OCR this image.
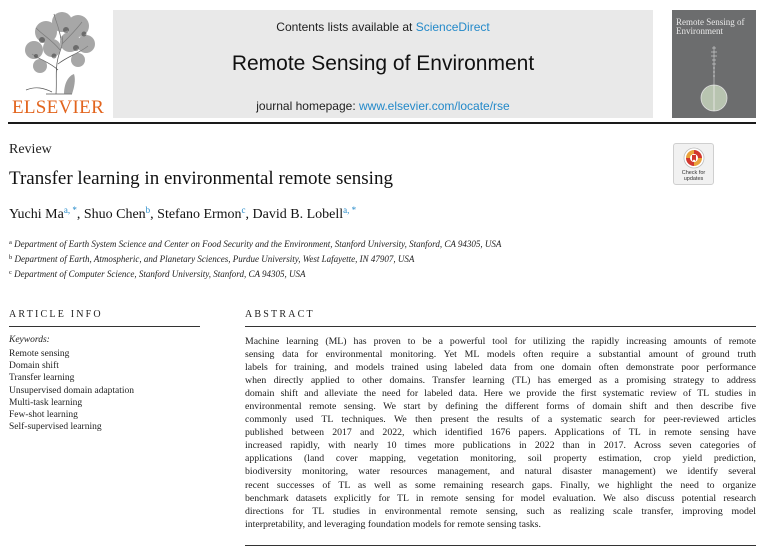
ELSEVIER
Contents lists available at ScienceDirect
Remote Sensing of Environment
journal homepage: www.elsevier.com/locate/rse
Remote Sensing of Environment
Review
Transfer learning in environmental remote sensing
Yuchi Ma$^{a, *}$, Shuo Chen$^b$, Stefano Ermon$^c$, David B. Lobell$^{a, *}$
$^a$ Department of Earth System Science and Center on Food Security and the Environment, Stanford University, Stanford, CA 94305, USA
$^b$ Department of Earth, Atmospheric, and Planetary Sciences, Purdue University, West Lafayette, IN 47907, USA
$^c$ Department of Computer Science, Stanford University, Stanford, CA 94305, USA
Check for
updates
ARTICLE INFO
Keywords:
Remote sensing
Domain shift
Transfer learning
Unsupervised domain adaptation
Multi-task learning
Few-shot learning
Self-supervised learning
ABSTRACT
Machine learning (ML) has proven to be a powerful tool for utilizing the rapidly increasing amounts of remote
sensing data for environmental monitoring. Yet ML models often require a substantial amount of ground truth
labels for training, and models trained using labeled data from one domain often demonstrate poor performance
when directly applied to other domains. Transfer learning (TL) has emerged as a promising strategy to address
domain shift and alleviate the need for labeled data. Here we provide the first systematic review of TL studies in
environmental remote sensing. We start by defining the different forms of domain shift and then describe five
commonly used TL techniques. We then present the results of a systematic search for peer-reviewed articles
published between 2017 and 2022, which identified 1676 papers. Applications of TL in remote sensing have
increased rapidly, with nearly 10 times more publications in 2022 than in 2017. Across seven categories of
applications (land cover mapping, vegetation monitoring, soil property estimation, crop yield prediction,
biodiversity monitoring, water resources management, and natural disaster management) we identify several
recent successes of TL as well as some remaining research gaps. Finally, we highlight the need to organize
benchmark datasets explicitly for TL in remote sensing for model evaluation. We also discuss potential research
directions for TL studies in environmental remote sensing, such as realizing scale transfer, improving model
interpretability, and leveraging foundation models for remote sensing tasks.
